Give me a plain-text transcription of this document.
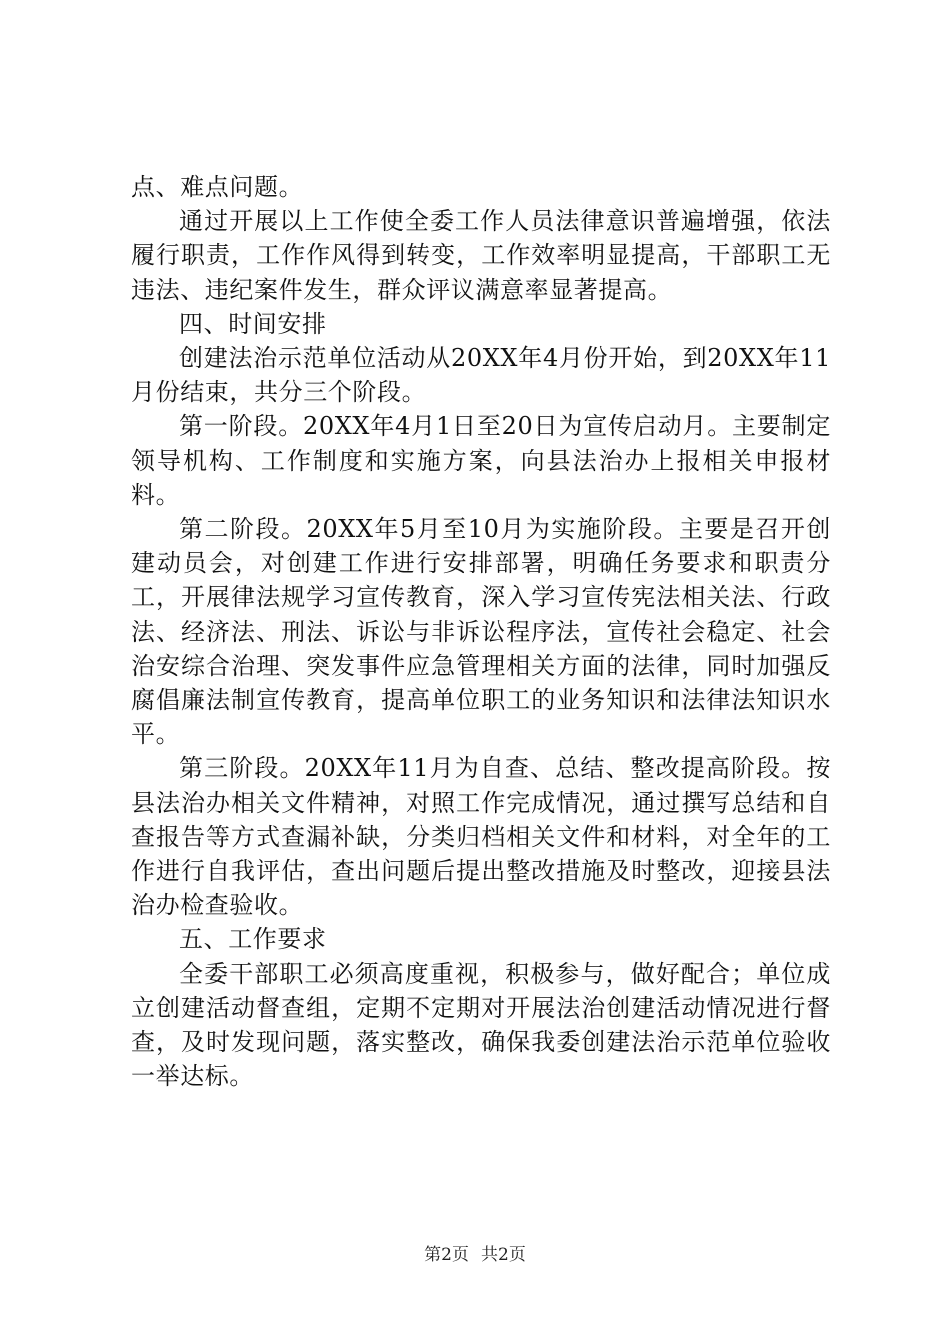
点、难点问题。

通过开展以上工作使全委工作人员法律意识普遍增强，依法履行职责，工作作风得到转变，工作效率明显提高，干部职工无违法、违纪案件发生，群众评议满意率显著提高。

四、时间安排

创建法治示范单位活动从20XX年4月份开始，到20XX年11月份结束，共分三个阶段。

第一阶段。20XX年4月1日至20日为宣传启动月。主要制定领导机构、工作制度和实施方案，向县法治办上报相关申报材料。

第二阶段。20XX年5月至10月为实施阶段。主要是召开创建动员会，对创建工作进行安排部署，明确任务要求和职责分工，开展律法规学习宣传教育，深入学习宣传宪法相关法、行政法、经济法、刑法、诉讼与非诉讼程序法，宣传社会稳定、社会治安综合治理、突发事件应急管理相关方面的法律，同时加强反腐倡廉法制宣传教育，提高单位职工的业务知识和法律法知识水平。

第三阶段。20XX年11月为自查、总结、整改提高阶段。按县法治办相关文件精神，对照工作完成情况，通过撰写总结和自查报告等方式查漏补缺，分类归档相关文件和材料，对全年的工作进行自我评估，查出问题后提出整改措施及时整改，迎接县法治办检查验收。

五、工作要求

全委干部职工必须高度重视，积极参与，做好配合；单位成立创建活动督查组，定期不定期对开展法治创建活动情况进行督查，及时发现问题，落实整改，确保我委创建法治示范单位验收一举达标。

第2页 共2页
